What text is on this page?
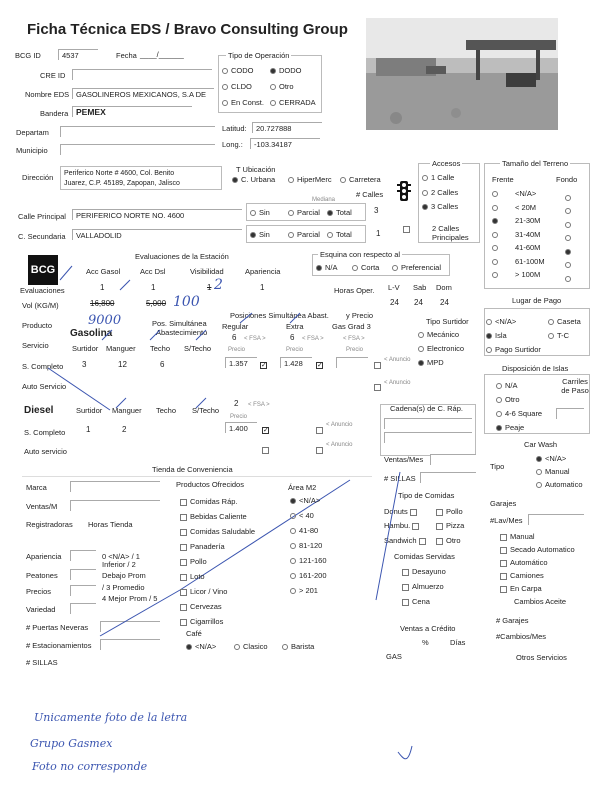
Ficha Técnica EDS / Bravo Consulting Group
BCG ID	4537	Fecha ____/______
CRE ID
Nombre EDS GASOLINEROS MEXICANOS, S.A DE
Bandera PEMEX
Departam
Municipio
Tipo de Operación
CODO	DODO
CLDO	Otro
En Const.	CERRADA
Latitud:	20.727888
Long.:	-103.34187
Dirección Periferico Norte # 4600, Col. Benito
Juarez, C.P. 45189, Zapopan, Jalisco
T Ubicación
C. Urbana	HiperMerc	Carretera
# Calles
Mediana
Accesos
1 Calle
2 Calles
3 Calles
Tamaño del Terreno
Frente	Fondo
Calle Principal	PERIFERICO NORTE NO. 4600
C. Secundaria	VALLADOLID
Sin	Parcial	Total	3
Sin	Parcial	Total	1
2 Calles Principales
BCG
Evaluaciones de la Estación
Acc Gasol	Acc Dsl	Visibilidad	Apariencia
Evaluaciones	1	1	1 2	1
Esquina con respecto al
N/A	Corta	Preferencial
L-V Sab Dom
Horas Oper.
24 24 24
Vol (KG/M)	16,800	5,000 100
9000
Lugar de Pago
<N/A>	Caseta
Isla	T-C
Pago Surtidor
Producto
Gasolina
Servicio	Surtidor Manguer Techo S/Techo
Pos. Simultánea
Abastecimiento
Posiciones Simultánea Abast. y Precio
Regular	Extra	Gas Grad 3
6 < FSA >	6 < FSA >	< FSA >
Precio	Precio	Precio
S. Completo 3	12	6	1.357
✓	1.428
✓	< Anuncio
Auto Servicio	< Anuncio
Tipo Surtidor
Mecánico
Electronico
MPD
Disposición de Islas
N/A
Otro
4-6 Square
Peaje
Carriles de Paso
Diesel	Surtidor Manguer Techo S/Techo
2 < FSA >
Precio
S. Completo	1	2	1.400
✓	< Anuncio
Auto servicio
< Anuncio
Cadena(s) de C. Ráp.
Car Wash
Tipo
<N/A>
Manual
Automatico
Ventas/Mes
# SILLAS
Tipo de Comidas
Donuts	Pollo
Hambu.	Pizza
Sandwich	Otro
Comidas Servidas
Desayuno
Almuerzo
Cena
Garajes
#Lav/Mes
# Garajes
#Cambios/Mes
Otros Servicios
Tienda de Conveniencia
Marca
Ventas/M
Registradoras Horas Tienda
Apariencia
Peatones
Precios
Variedad
0 <N/A> / 1 Inferior / 2
Debajo Prom
/ 3 Promedio
4 Mejor Prom / 5
# Puertas Neveras
# Estacionamientos
# SILLAS
Productos Ofrecidos	Área M2
Café
<N/A>	Clasico	Barista
Ventas a Crédito
%	Días
GAS
Unicamente foto de la letra
Grupo Gasmex
Foto no corresponde
<N/A>
< 20M
21-30M
31-40M
41-60M
61-100M
> 100M
Manual
Secado Automatico
Automático
Camiones
En Carpa
Cambios Aceite
Comidas Ráp.
Bebidas Caliente
Comidas Saludable
Panadería
Pollo
Loto
Licor / Vino
Cervezas
Cigarrillos
<N/A>
< 40
41-80
81-120
121-160
161-200
> 201
